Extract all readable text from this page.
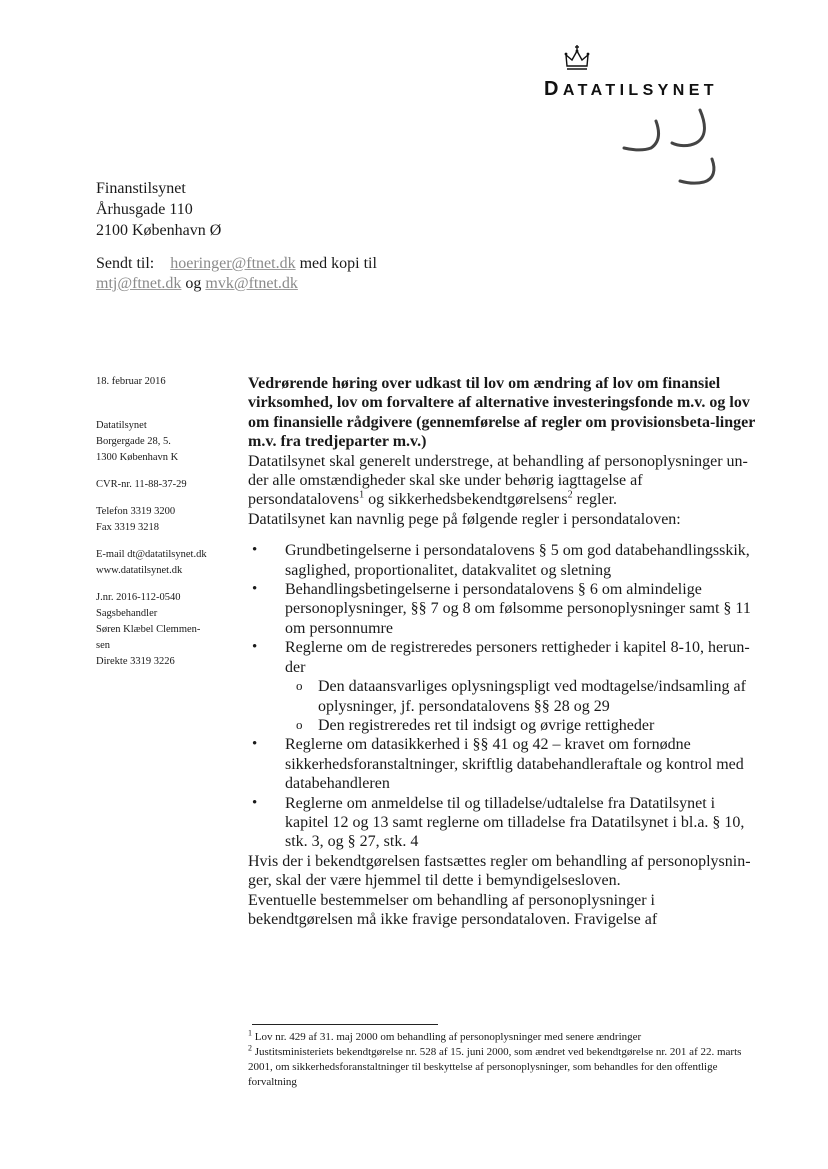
DATATILSYNET
Finanstilsynet
Århusgade 110
2100 København Ø
Sendt til: hoeringer@ftnet.dk med kopi til
mtj@ftnet.dk og mvk@ftnet.dk
18. februar 2016
Datatilsynet
Borgergade 28, 5.
1300 København K
CVR-nr. 11-88-37-29
Telefon 3319 3200
Fax 3319 3218
E-mail dt@datatilsynet.dk
www.datatilsynet.dk
J.nr. 2016-112-0540
Sagsbehandler
Søren Klæbel Clemmen-
sen
Direkte 3319 3226
Vedrørende høring over udkast til lov om ændring af lov om finansiel virksomhed, lov om forvaltere af alternative investeringsfonde m.v. og lov om finansielle rådgivere (gennemførelse af regler om provisionsbeta-linger m.v. fra tredjeparter m.v.)

Datatilsynet skal generelt understrege, at behandling af personoplysninger un-der alle omstændigheder skal ske under behørig iagttagelse af persondatalovens$^1$ og sikkerhedsbekendtgørelsens$^2$ regler.

Datatilsynet kan navnlig pege på følgende regler i persondataloven:

• Grundbetingelserne i persondatalovens § 5 om god databehandlingsskik, saglighed, proportionalitet, datakvalitet og sletning
• Behandlingsbetingelserne i persondatalovens § 6 om almindelige personoplysninger, §§ 7 og 8 om følsomme personoplysninger samt § 11 om personnumre
• Reglerne om de registreredes personers rettigheder i kapitel 8-10, herun-der
o Den dataansvarliges oplysningspligt ved modtagelse/indsamling af oplysninger, jf. persondatalovens §§ 28 og 29
o Den registreredes ret til indsigt og øvrige rettigheder
• Reglerne om datasikkerhed i §§ 41 og 42 – kravet om fornødne sikkerhedsforanstaltninger, skriftlig databehandleraftale og kontrol med databehandleren
• Reglerne om anmeldelse til og tilladelse/udtalelse fra Datatilsynet i kapitel 12 og 13 samt reglerne om tilladelse fra Datatilsynet i bl.a. § 10, stk. 3, og § 27, stk. 4

Hvis der i bekendtgørelsen fastsættes regler om behandling af personoplysnin-ger, skal der være hjemmel til dette i bemyndigelsesloven.

Eventuelle bestemmelser om behandling af personoplysninger i bekendtgørelsen må ikke fravige persondataloven. Fravigelse af

$^1$ Lov nr. 429 af 31. maj 2000 om behandling af personoplysninger med senere ændringer

$^2$ Justitsministeriets bekendtgørelse nr. 528 af 15. juni 2000, som ændret ved bekendtgørelse nr. 201 af 22. marts 2001, om sikkerhedsforanstaltninger til beskyttelse af personoplysninger, som behandles for den offentlige forvaltning
